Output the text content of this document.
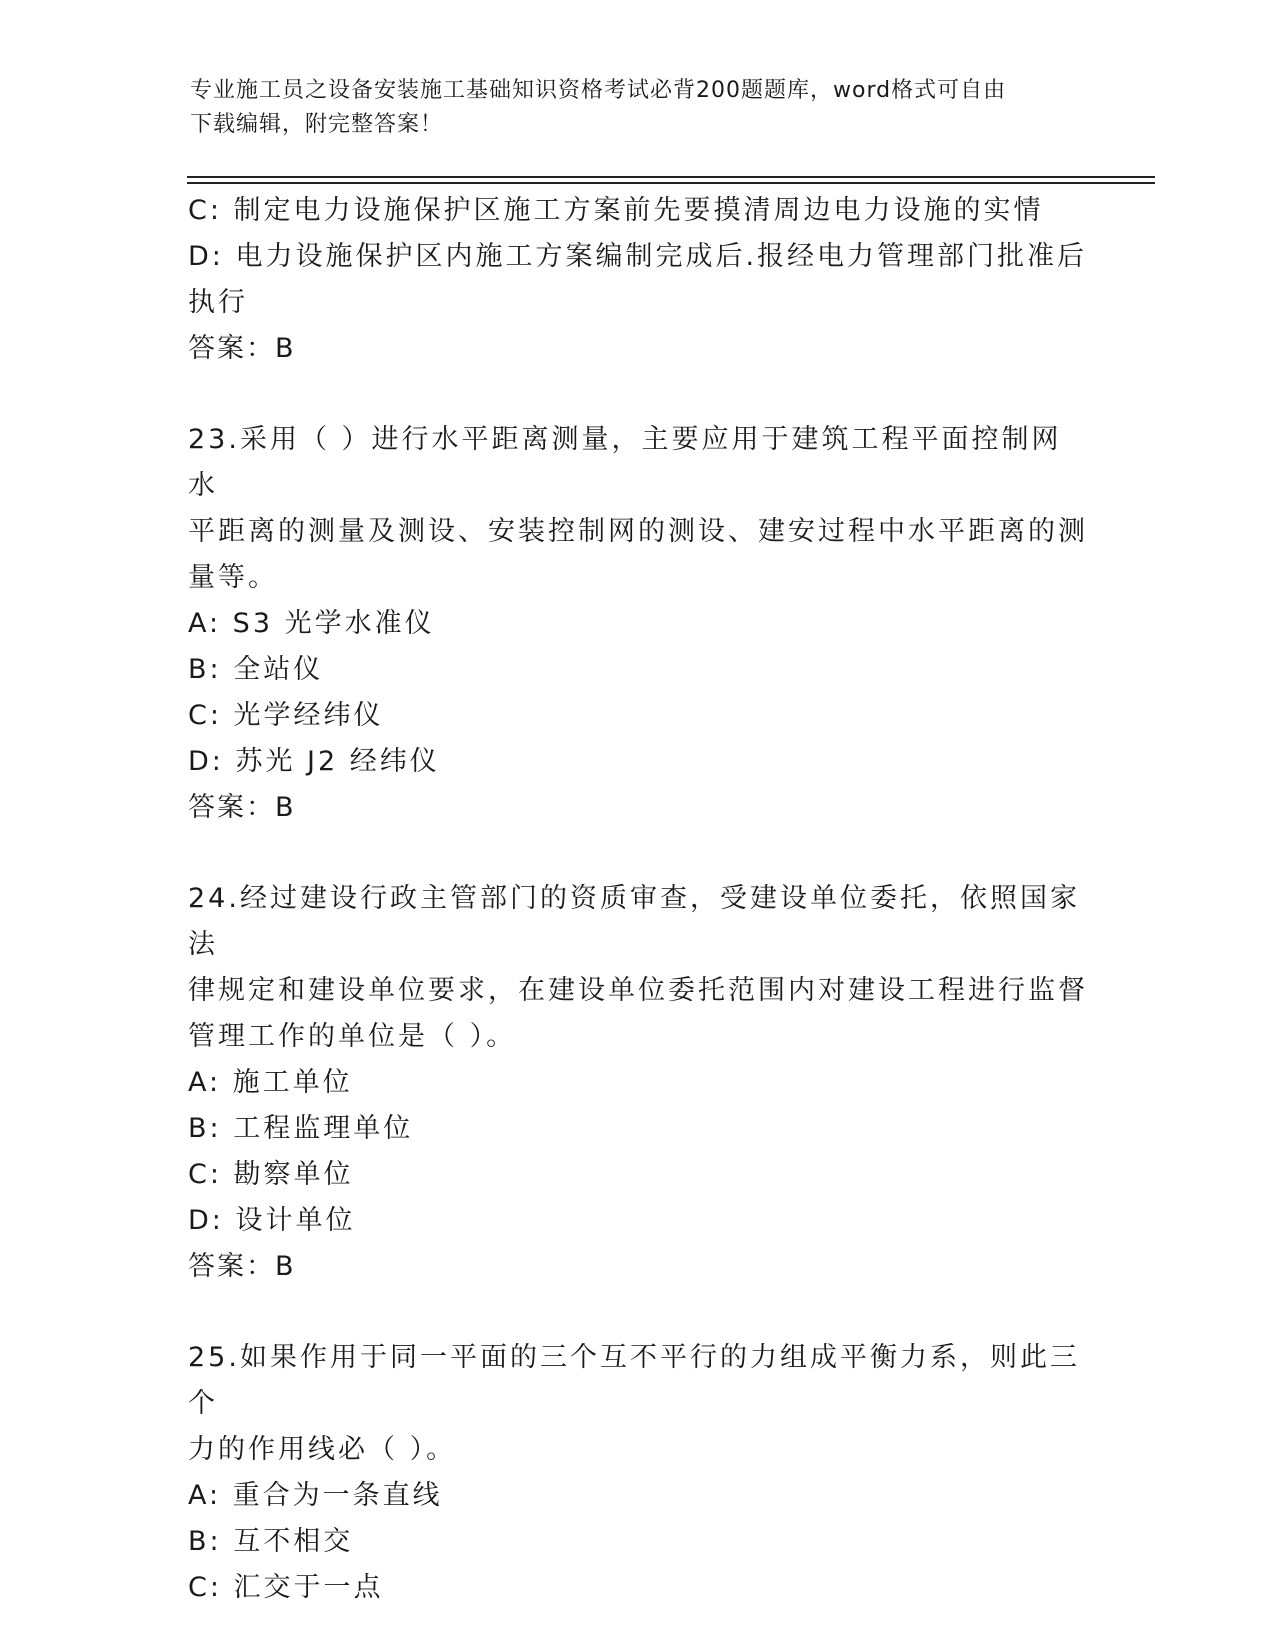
专业施工员之设备安装施工基础知识资格考试必背200题题库，word格式可自由
下载编辑，附完整答案！
C: 制定电力设施保护区施工方案前先要摸清周边电力设施的实情
D: 电力设施保护区内施工方案编制完成后.报经电力管理部门批准后
执行
答案：B
23.采用（ ）进行水平距离测量，主要应用于建筑工程平面控制网水
平距离的测量及测设、安装控制网的测设、建安过程中水平距离的测
量等。
A: S3 光学水准仪
B: 全站仪
C: 光学经纬仪
D: 苏光 J2 经纬仪
答案：B
24.经过建设行政主管部门的资质审查，受建设单位委托，依照国家法
律规定和建设单位要求，在建设单位委托范围内对建设工程进行监督
管理工作的单位是（ ）。
A: 施工单位
B: 工程监理单位
C: 勘察单位
D: 设计单位
答案：B
25.如果作用于同一平面的三个互不平行的力组成平衡力系，则此三个
力的作用线必（ ）。
A: 重合为一条直线
B: 互不相交
C: 汇交于一点
